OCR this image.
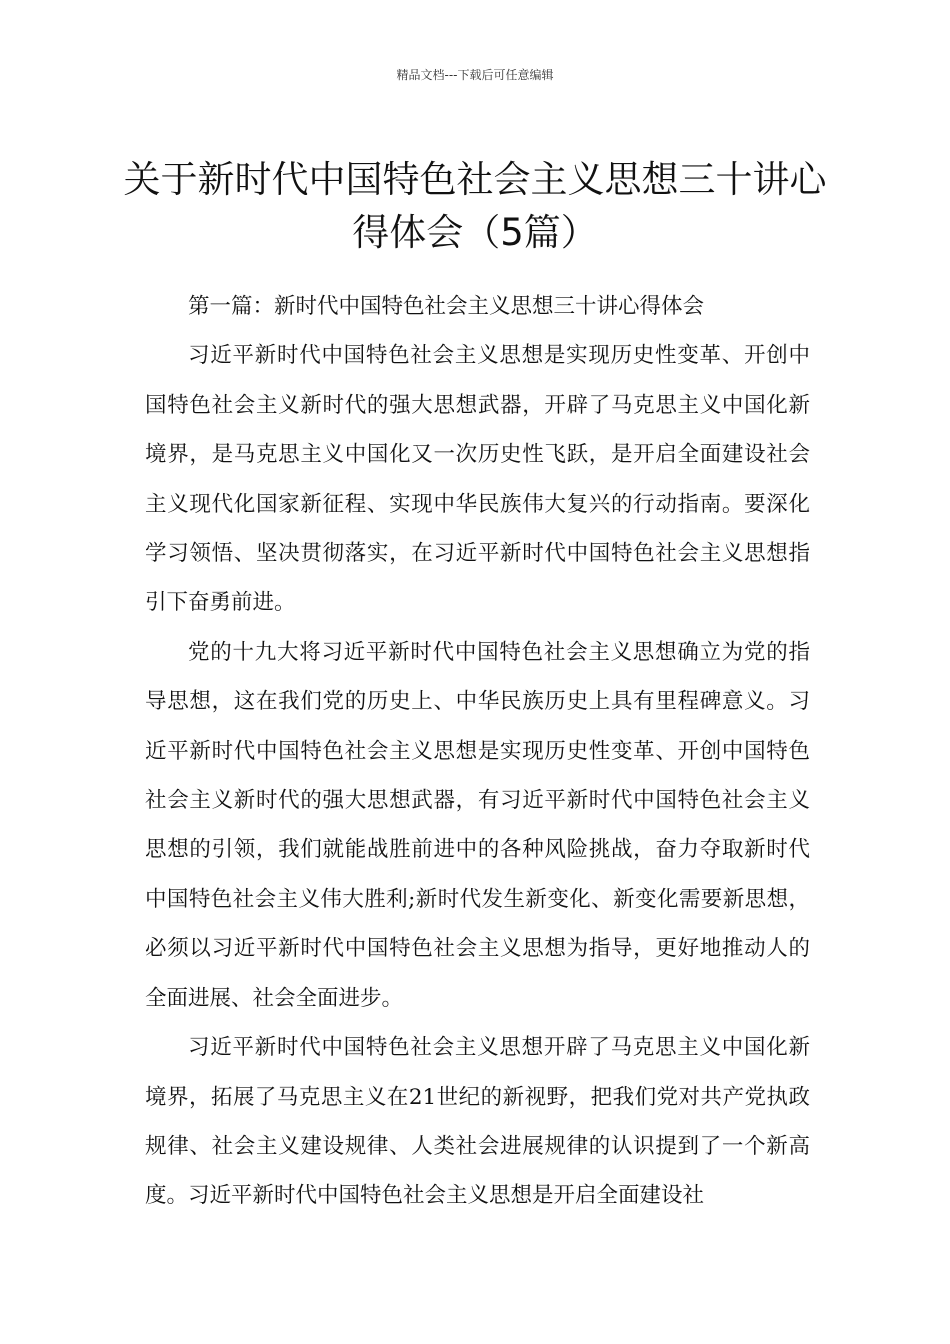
精品文档---下载后可任意编辑
关于新时代中国特色社会主义思想三十讲心得体会（5篇）

第一篇：新时代中国特色社会主义思想三十讲心得体会

习近平新时代中国特色社会主义思想是实现历史性变革、开创中国特色社会主义新时代的强大思想武器，开辟了马克思主义中国化新境界，是马克思主义中国化又一次历史性飞跃，是开启全面建设社会主义现代化国家新征程、实现中华民族伟大复兴的行动指南。要深化学习领悟、坚决贯彻落实，在习近平新时代中国特色社会主义思想指引下奋勇前进。

党的十九大将习近平新时代中国特色社会主义思想确立为党的指导思想，这在我们党的历史上、中华民族历史上具有里程碑意义。习近平新时代中国特色社会主义思想是实现历史性变革、开创中国特色社会主义新时代的强大思想武器，有习近平新时代中国特色社会主义思想的引领，我们就能战胜前进中的各种风险挑战，奋力夺取新时代中国特色社会主义伟大胜利;新时代发生新变化、新变化需要新思想，必须以习近平新时代中国特色社会主义思想为指导，更好地推动人的全面进展、社会全面进步。

习近平新时代中国特色社会主义思想开辟了马克思主义中国化新境界，拓展了马克思主义在21世纪的新视野，把我们党对共产党执政规律、社会主义建设规律、人类社会进展规律的认识提到了一个新高度。习近平新时代中国特色社会主义思想是开启全面建设社
